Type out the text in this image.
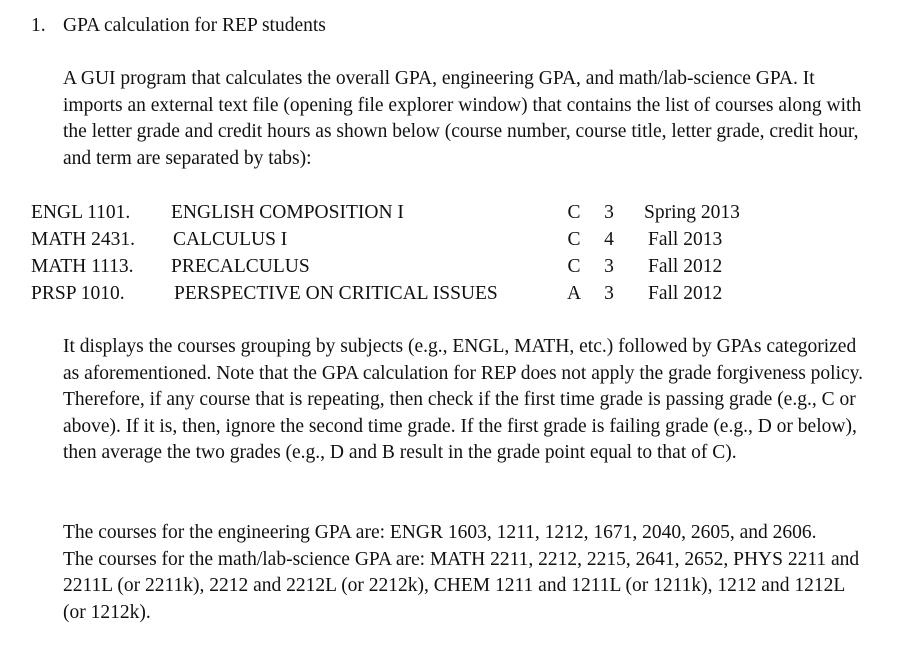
1. GPA calculation for REP students

A GUI program that calculates the overall GPA, engineering GPA, and math/lab-science GPA. It imports an external text file (opening file explorer window) that contains the list of courses along with the letter grade and credit hours as shown below (course number, course title, letter grade, credit hour, and term are separated by tabs):

ENGL 1101. ENGLISH COMPOSITION I	C	3 Spring 2013
MATH 2431. CALCULUS I	C	4 Fall 2013
MATH 1113. PRECALCULUS	C	3 Fall 2012
PRSP 1010.	PERSPECTIVE ON CRITICAL ISSUES	A	3 Fall 2012

It displays the courses grouping by subjects (e.g., ENGL, MATH, etc.) followed by GPAs categorized as aforementioned. Note that the GPA calculation for REP does not apply the grade forgiveness policy. Therefore, if any course that is repeating, then check if the first time grade is passing grade (e.g., C or above). If it is, then, ignore the second time grade. If the first grade is failing grade (e.g., D or below), then average the two grades (e.g., D and B result in the grade point equal to that of C).

The courses for the engineering GPA are: ENGR 1603, 1211, 1212, 1671, 2040, 2605, and 2606.

The courses for the math/lab-science GPA are: MATH 2211, 2212, 2215, 2641, 2652, PHYS 2211 and 2211L (or 2211k), 2212 and 2212L (or 2212k), CHEM 1211 and 1211L (or 1211k), 1212 and 1212L (or 1212k).
